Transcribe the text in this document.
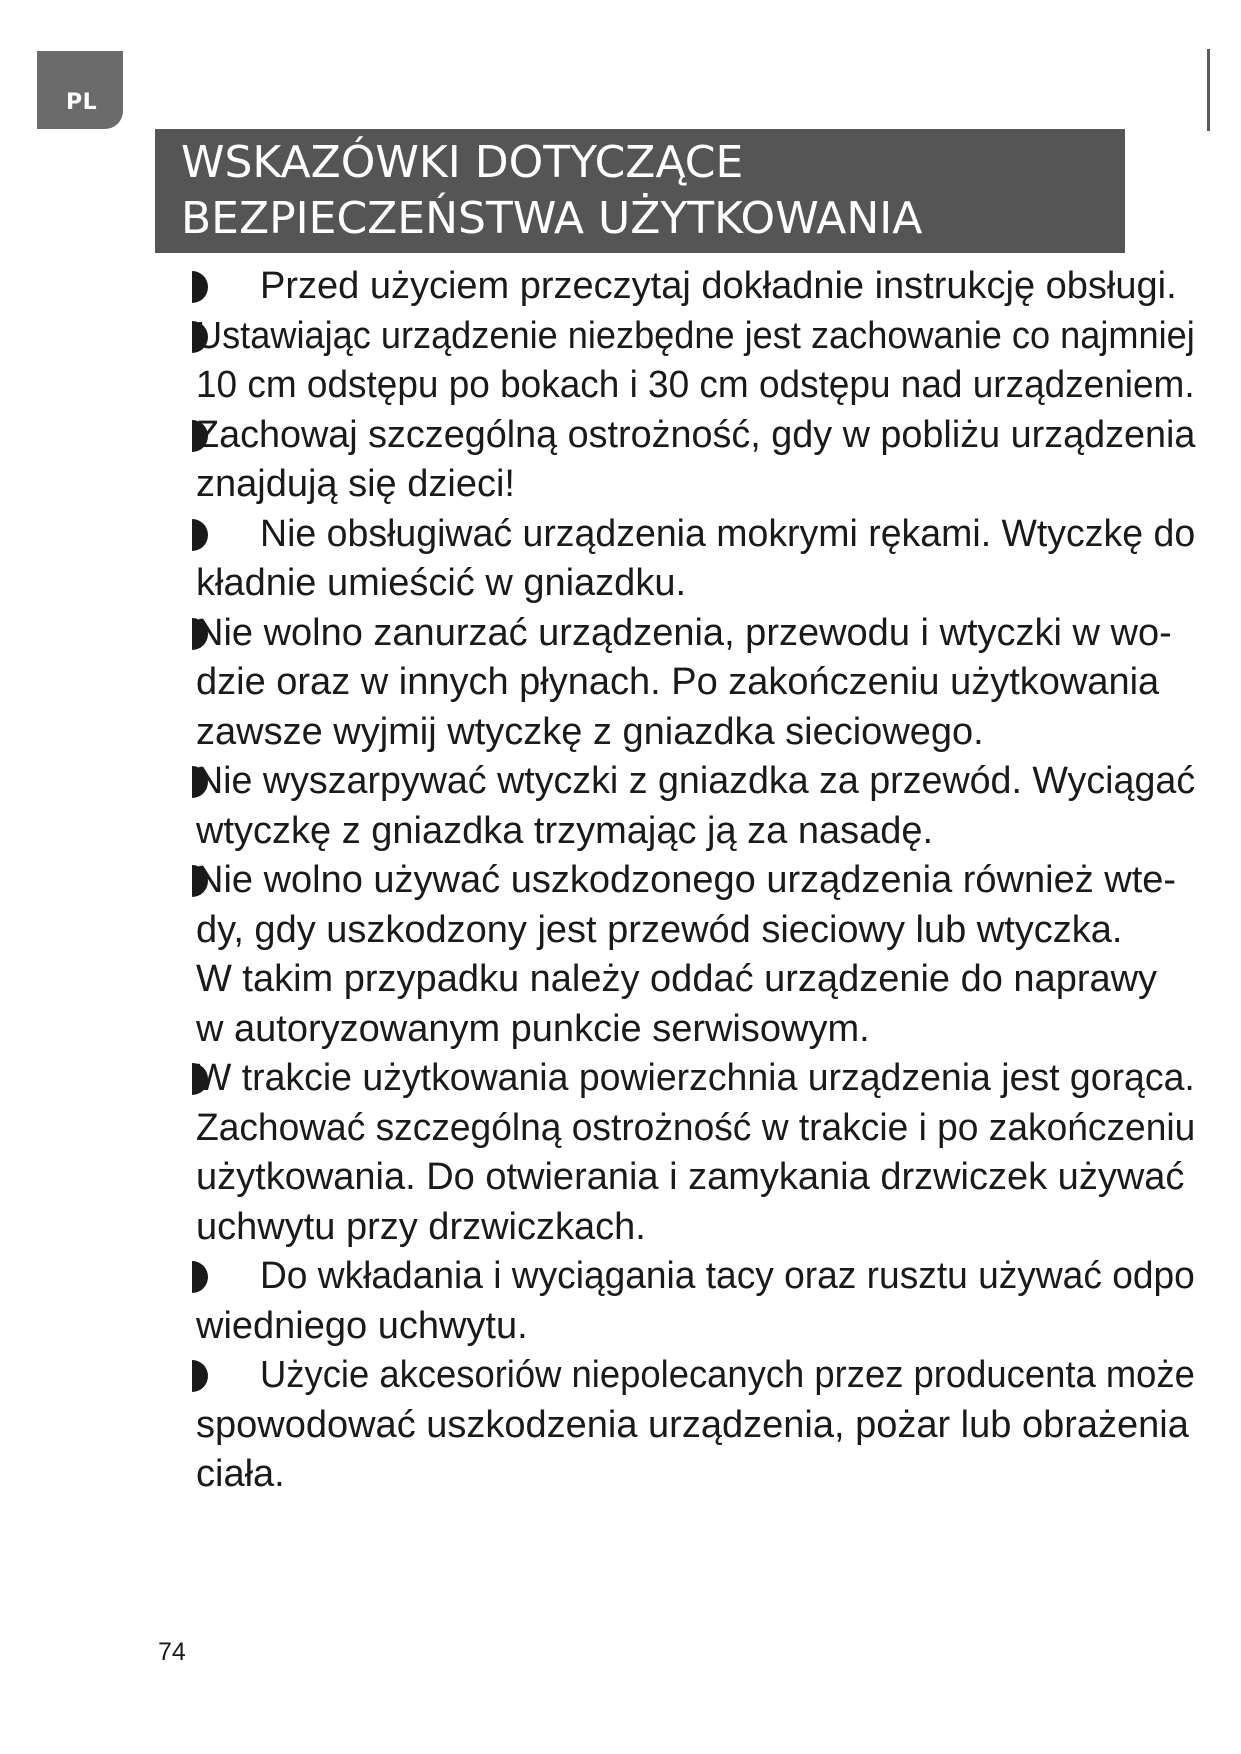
PL
WSKAZÓWKI DOTYCZĄCE
BEZPIECZEŃSTWA UŻYTKOWANIA
Przed użyciem przeczytaj dokładnie instrukcję obsługi.
Ustawiając urządzenie niezbędne jest zachowanie co najmniej
10 cm odstępu po bokach i 30 cm odstępu nad urządzeniem.
Zachowaj szczególną ostrożność, gdy w pobliżu urządzenia
znajdują się dzieci!
Nie obsługiwać urządzenia mokrymi rękami. Wtyczkę do
kładnie umieścić w gniazdku.
Nie wolno zanurzać urządzenia, przewodu i wtyczki w wo-
dzie oraz w innych płynach. Po zakończeniu użytkowania
zawsze wyjmij wtyczkę z gniazdka sieciowego.
Nie wyszarpywać wtyczki z gniazdka za przewód. Wyciągać
wtyczkę z gniazdka trzymając ją za nasadę.
Nie wolno używać uszkodzonego urządzenia również wte-
dy, gdy uszkodzony jest przewód sieciowy lub wtyczka.
W takim przypadku należy oddać urządzenie do naprawy
w autoryzowanym punkcie serwisowym.
W trakcie użytkowania powierzchnia urządzenia jest gorąca.
Zachować szczególną ostrożność w trakcie i po zakończeniu
użytkowania. Do otwierania i zamykania drzwiczek używać
uchwytu przy drzwiczkach.
Do wkładania i wyciągania tacy oraz rusztu używać odpo
wiedniego uchwytu.
Użycie akcesoriów niepolecanych przez producenta może
spowodować uszkodzenia urządzenia, pożar lub obrażenia
ciała.
74
